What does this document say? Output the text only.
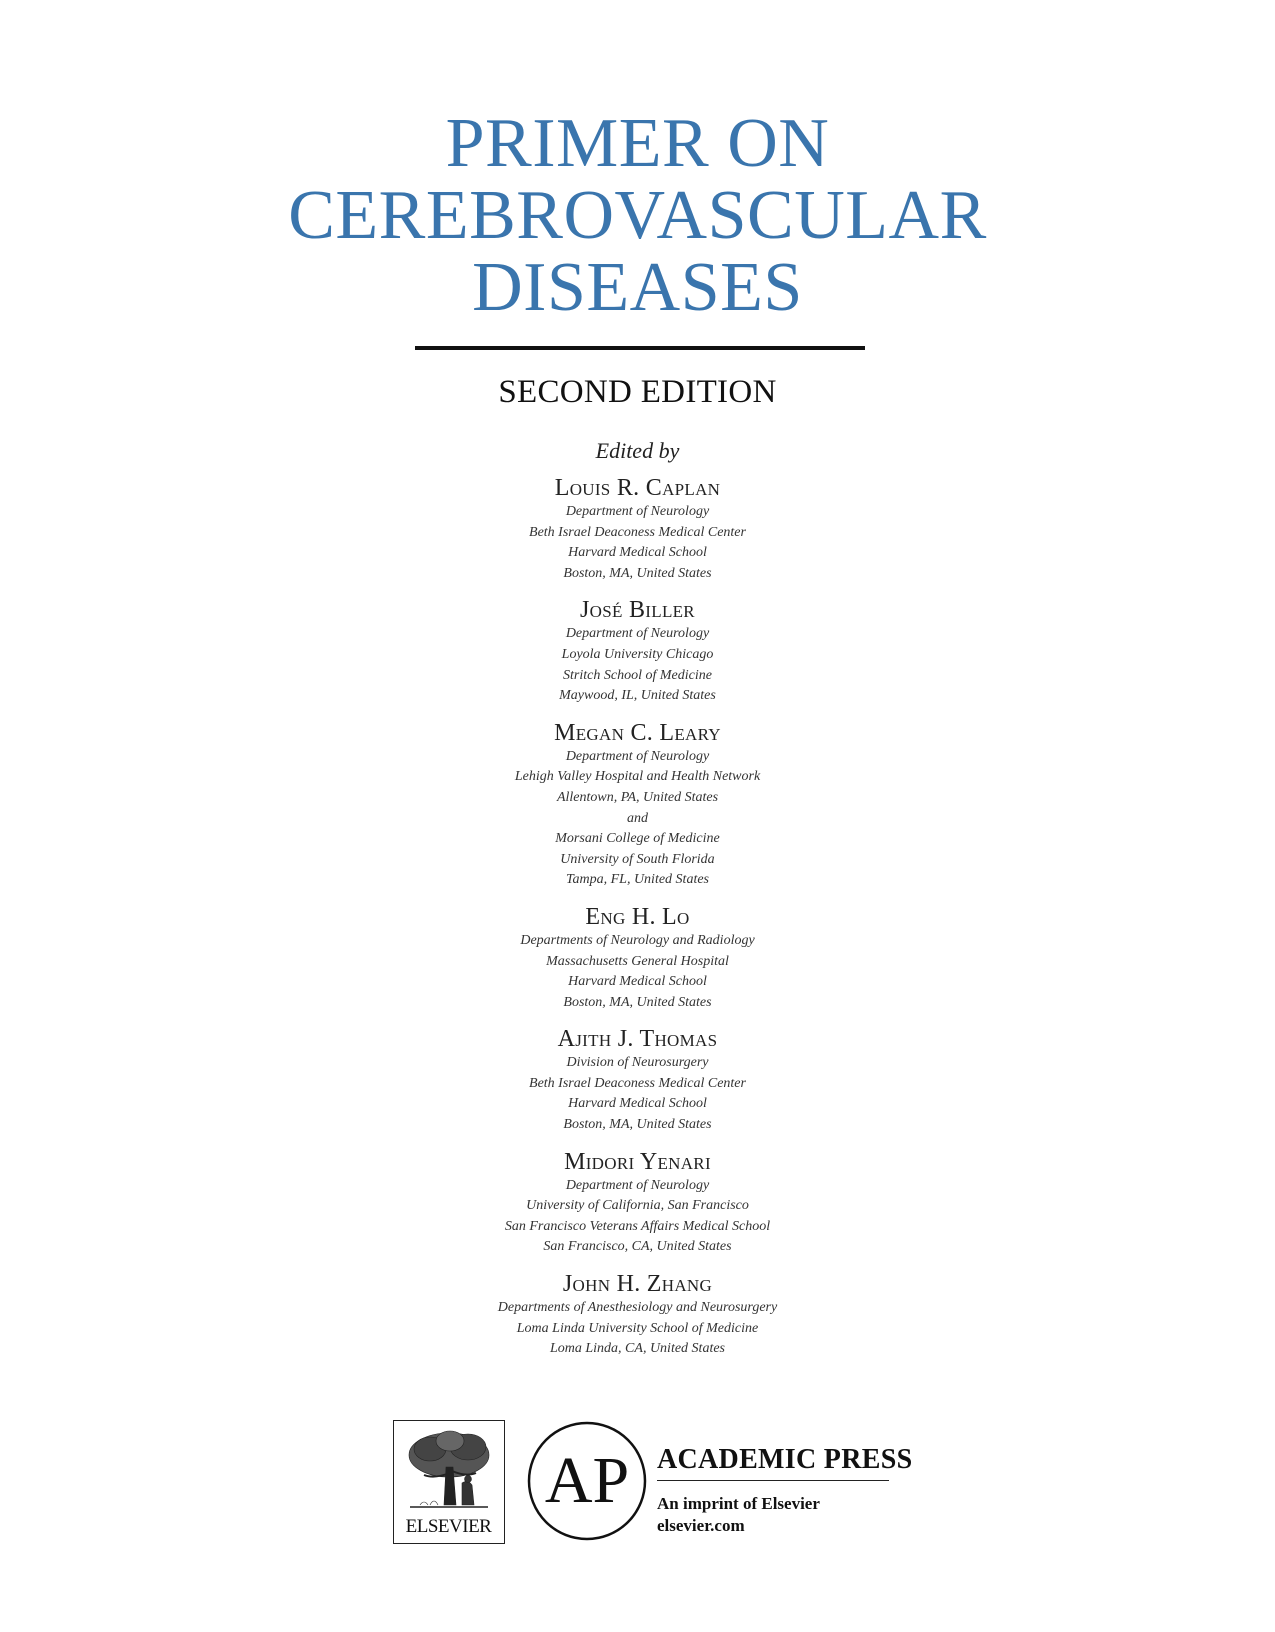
PRIMER ON
CEREBROVASCULAR
DISEASES
SECOND EDITION
Edited by
Louis R. Caplan
Department of Neurology
Beth Israel Deaconess Medical Center
Harvard Medical School
Boston, MA, United States
José Biller
Department of Neurology
Loyola University Chicago
Stritch School of Medicine
Maywood, IL, United States
Megan C. Leary
Department of Neurology
Lehigh Valley Hospital and Health Network
Allentown, PA, United States
and
Morsani College of Medicine
University of South Florida
Tampa, FL, United States
Eng H. Lo
Departments of Neurology and Radiology
Massachusetts General Hospital
Harvard Medical School
Boston, MA, United States
Ajith J. Thomas
Division of Neurosurgery
Beth Israel Deaconess Medical Center
Harvard Medical School
Boston, MA, United States
Midori Yenari
Department of Neurology
University of California, San Francisco
San Francisco Veterans Affairs Medical School
San Francisco, CA, United States
John H. Zhang
Departments of Anesthesiology and Neurosurgery
Loma Linda University School of Medicine
Loma Linda, CA, United States
ELSEVIER
AP ACADEMIC PRESS
An imprint of Elsevier
elsevier.com
